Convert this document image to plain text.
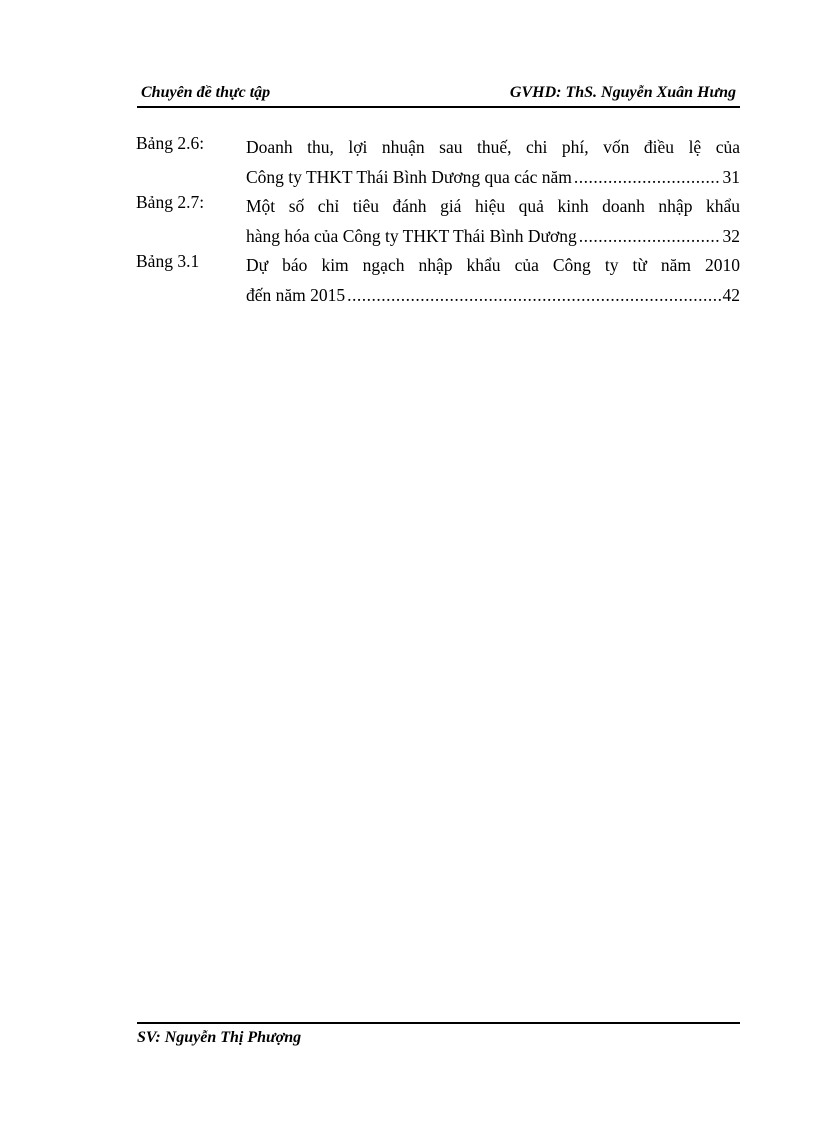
Chuyên đề thực tập	GVHD: ThS. Nguyễn Xuân Hưng
Bảng 2.6: Doanh thu, lợi nhuận sau thuế, chi phí, vốn điều lệ của
Công ty THKT Thái Bình Dương qua các năm .....	31
Bảng 2.7: Một số chỉ tiêu đánh giá hiệu quả kinh doanh nhập khẩu
hàng hóa của Công ty THKT Thái Bình Dương .....	32
Bảng 3.1	Dự báo kim ngạch nhập khẩu của Công ty từ năm 2010
đến năm 2015 .....	42
SV: Nguyễn Thị Phượng
